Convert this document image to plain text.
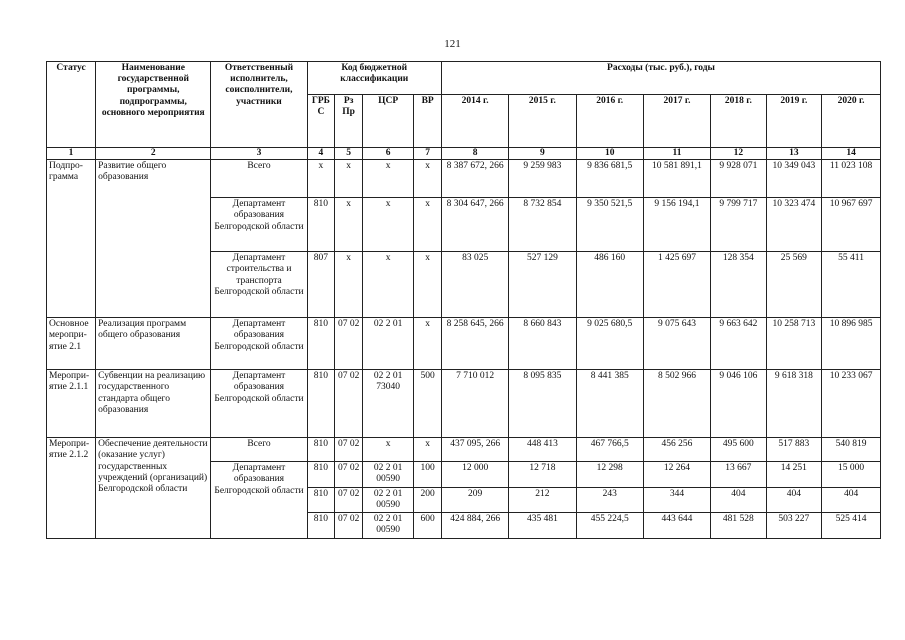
121
Статус	Наименование государственной программы, подпрограммы, основного мероприятия	Ответственный исполнитель, соисполнители, участники	Код бюджетной классификации				Расходы (тыс. руб.), годы						
			ГРБ С	Рз Пр	ЦСР	ВР	2014 г.	2015 г.	2016 г.	2017 г.	2018 г.	2019 г.	2020 г.
1	2	3	4	5	6	7	8	9	10	11	12	13	14
Подпро-грамма	Развитие общего образования	Всего	x	x	x	x	8 387 672, 266	9 259 983	9 836 681,5	10 581 891,1	9 928 071	10 349 043	11 023 108
		Департамент образования Белгородской области	810	x	x	x	8 304 647, 266	8 732 854	9 350 521,5	9 156 194,1	9 799 717	10 323 474	10 967 697
		Департамент строительства и транспорта Белгородской области	807	x	x	x	83 025	527 129	486 160	1 425 697	128 354	25 569	55 411
Основное меропри-ятие 2.1	Реализация программ общего образования	Департамент образования Белгородской области	810	07 02	02 2 01	x	8 258 645, 266	8 660 843	9 025 680,5	9 075 643	9 663 642	10 258 713	10 896 985
Меропри-ятие 2.1.1	Субвенции на реализацию государственного стандарта общего образования	Департамент образования Белгородской области	810	07 02	02 2 01 73040	500	7 710 012	8 095 835	8 441 385	8 502 966	9 046 106	9 618 318	10 233 067
Меропри-ятие 2.1.2	Обеспечение деятельности (оказание услуг) государственных учреждений (организаций) Белгородской области	Всего	810	07 02	x	x	437 095, 266	448 413	467 766,5	456 256	495 600	517 883	540 819
		Департамент образования Белгородской области	810	07 02	02 2 01 00590	100	12 000	12 718	12 298	12 264	13 667	14 251	15 000
			810	07 02	02 2 01 00590	200	209	212	243	344	404	404	404
			810	07 02	02 2 01 00590	600	424 884, 266	435 481	455 224,5	443 644	481 528	503 227	525 414
